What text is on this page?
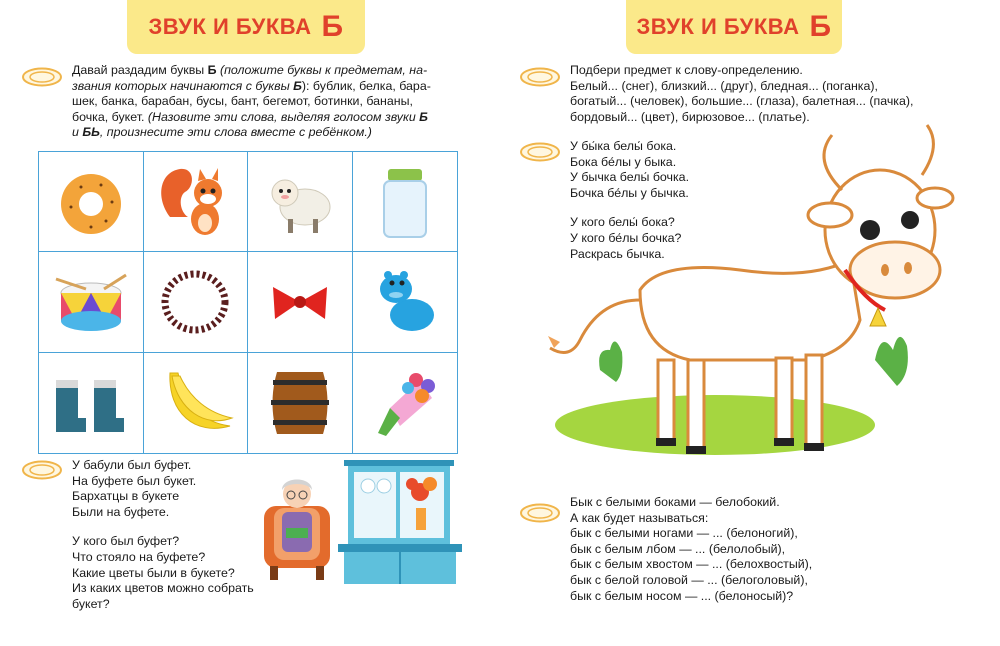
ЗВУК И БУКВА Б
Давай раздадим буквы Б (положите буквы к предметам, на-
звания которых начинаются с буквы Б): бублик, белка, бара-
шек, банка, барабан, бусы, бант, бегемот, ботинки, бананы,
бочка, букет. (Назовите эти слова, выделяя голосом звуки Б
и БЬ, произнесите эти слова вместе с ребёнком.)

У бабули был буфет.

На буфете был букет.

Бархатцы в букете

Были на буфете.

У кого был буфет?

Что стояло на буфете?

Какие цветы были в букете?

Из каких цветов можно собрать букет?

ЗВУК И БУКВА Б

Подбери предмет к слову-определению.

Белый... (снег), близкий... (друг), бледная... (поганка),

богатый... (человек), большие... (глаза), балетная... (пачка),

бордовый... (цвет), бирюзовое... (платье).

У бы́ка белы́ бока.

Бока бе́лы у быка.

У бычка белы́ бочка.

Бочка бе́лы у бычка.

У кого белы́ бока?

У кого бе́лы бочка?

Раскрась бычка.

Бык с белыми боками — белобокий.

А как будет называться:

бык с белыми ногами — ... (белоногий),

бык с белым лбом — ... (белолобый),

бык с белым хвостом — ... (белохвостый),

бык с белой головой — ... (белоголовый),

бык с белым носом — ... (белоносый)?
